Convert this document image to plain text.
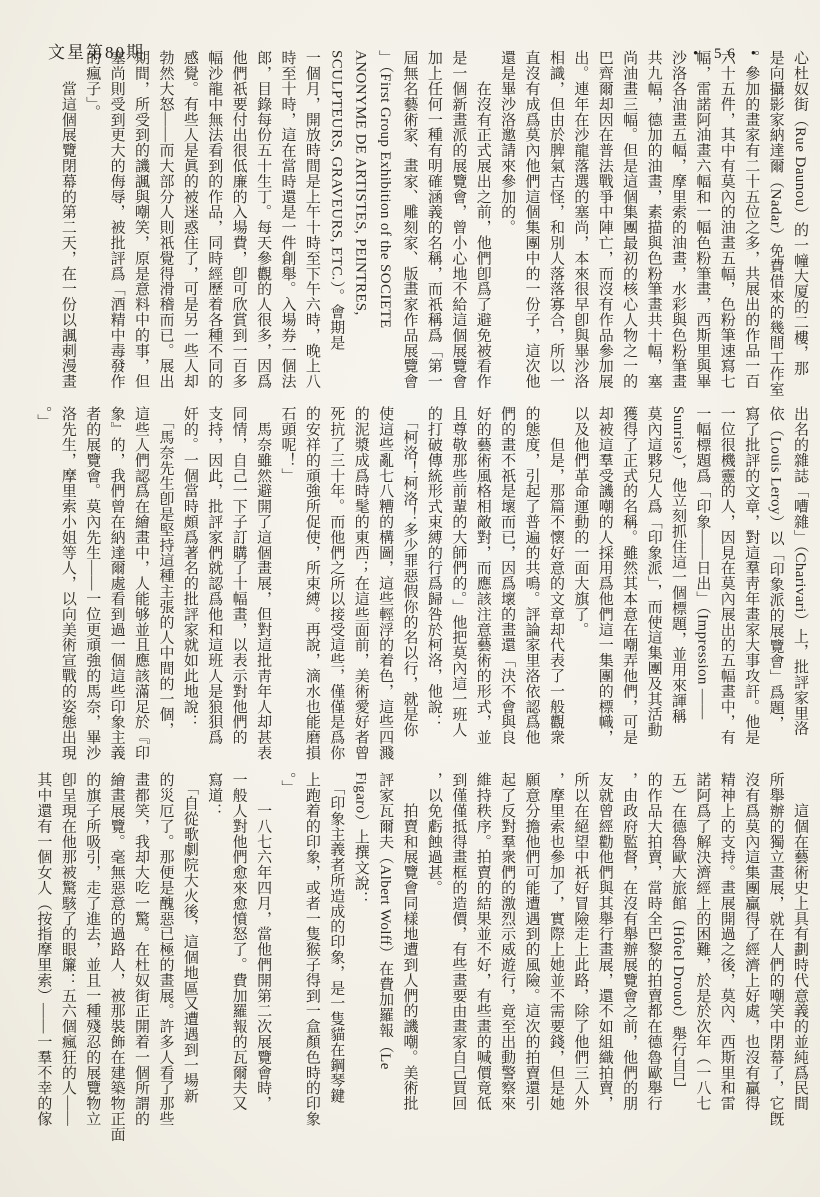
文星第80期	• 56 • 心杜奴街（Rue Daunou）的一幢大厦的二樓，那
是向攝影家納達爾（Nadar）免費借來的幾間工作室
。參加的畫家有二十五位之多，共展出的作品一百
六十五件，其中有莫內的油畫五幅，色粉筆速寫七
幅，雷諾阿油畫六幅和一幅色粉筆畫，西斯里與畢
沙洛各油畫五幅，摩里索的油畫，水彩與色粉筆畫
共九幅，德加的油畫，素描與色粉筆畫共十幅，塞
尚油畫三幅。但是這個集團最初的核心人物之一的
巴齊爾却因在普法戰爭中陣亡，而沒有作品參加展
出。連年在沙龍落選的塞尚，本來很早卽與畢沙洛
相識，但由於脾氣古怪，和別人落落寡合，所以一
直沒有成爲莫內他們這個集團中的一份子，這次他
還是畢沙洛邀請來參加的。
　　在沒有正式展出之前，他們卽爲了避免被看作
是一個新畫派的展覽會，曾小心地不給這個展覽會
加上任何一種有明確涵義的名稱，而祇稱爲「第一
屆無名藝術家、畫家、雕刻家、版畫家作品展覽會
」（First Group Exhibition of the SOCIETE
ANONYME DE ARTISTES, PEINTRES,
SCULPTEURS, GRAVEURS, ETC.）。會期是
一個月，開放時間是上午十時至下午六時，晚上八
時至十時，這在當時還是一件創舉。入場券一個法
郎，目錄每份五十生丁。每天參觀的人很多，因爲
他們祇要付出很低廉的入場費，卽可欣賞到一百多
幅沙龍中無法看到的作品，同時經歷着各種不同的
感覺。有些人是眞的被迷惑住了，可是另一些人却
勃然大怒——而大部分人則祇覺得滑稽而已。展出
期間，所受到的譏諷與嘲笑，原是意料中的事，但
塞尚則受到更大的侮辱，被批評爲「酒精中毒發作
的瘋子」。
　　當這個展覽閉幕的第二天，在一份以諷刺漫畫
出名的雜誌「嘈雜」（Charivari）上，批評家里洛
依（Louis Leroy）以「印象派的展覽會」爲題，
寫了批評的文章，對這羣靑年畫家大事攻訐。他是
一位很機靈的人，因見在莫內展出的五幅畫中，有
一幅標題爲「印象——日出」（Impression ——
Sunrise），他立刻抓住這一個標題，並用來諢稱
莫內這夥兒人爲「印象派」，而使這集團及其活動
獲得了正式的名稱。雖然其本意在嘲弄他們，可是
却被這羣受譏嘲的人採用爲他們這一集團的標幟，
以及他們革命運動的一面大旗了。
　　但是，那篇不懷好意的文章却代表了一般觀衆
的態度，引起了普遍的共鳴。評論家里洛依認爲他
們的畫不祇是壞而已，因爲壞的畫還「決不會與良
好的藝術風格相敵對，而應該注意藝術的形式，並
且尊敬那些前輩的大師們的。」他把莫內這一班人
的打破傳統形式束縛的行爲歸咎於柯洛，他說：
　「柯洛！柯洛！多少罪惡假你的名以行，就是你
使這些亂七八糟的構圖，這些輕浮的着色，這些四濺
的泥漿成爲時髦的東西；在這些面前，美術愛好者曾
死抗了三十年。而他們之所以接受這些，僅僅是爲你
的安祥的頑強所促使，所束縛。再說，滴水也能磨損
石頭呢！」
　馬奈雖然避開了這個畫展，但對這批靑年人却甚表
同情，自己一下子訂購了十幅畫，以表示對他們的
支持，因此，批評家們就認爲他和這班人是狼狽爲
奸的。一個當時頗爲著名的批評家就如此地說：
　「馬奈先生卽是堅持這種主張的人中間的一個，
這些人們認爲在繪畫中，人能够並且應該滿足於『印
象』的，我們曾在納達爾處看到過一個這些印象主義
者的展覽會。莫內先生——一位更頑強的馬奈，畢沙
洛先生，摩里索小姐等人，以向美術宣戰的姿態出現
。」
　　這個在藝術史上具有劃時代意義的並純爲民間
所舉辦的獨立畫展，就在人們的嘲笑中閉幕了，它旣
沒有爲莫內這集團贏得了經濟上好處，也沒有贏得
精神上的支持。畫展開過之後，莫內、西斯里和雷
諾阿爲了解決濟經上的困難，於是於次年（一八七
五）在德魯歐大旅館（Hôtel Drouot）舉行自己
的作品大拍賣，當時全巴黎的拍賣都在德魯歐舉行
，由政府監督，在沒有舉辦展覽會之前，他們的朋
友就曾經勸他們與其舉行畫展，還不如組織拍賣，
所以在絕望中祇好冒險走上此路，除了他們三人外
，摩里索也參加了，實際上她並不需要錢，但是她
願意分擔他們可能遭遇到的風險。這次的拍賣還引
起了反對羣衆們的激烈示威遊行，竟至出動警察來
維持秩序。拍賣的結果並不好，有些畫的喊價竟低
到僅僅抵得畫框的造價，有些畫要由畫家自己買回
，以免虧蝕過甚。
　　拍賣和展覽會同樣地遭到人們的譏嘲。美術批
評家瓦爾夫（Albert Wolff）在費加羅報（Le
Figaro）上撰文說：
　「印象主義者所造成的印象，是一隻貓在鋼琴鍵
上跑着的印象，或者一隻猴子得到一盒顏色時的印象
。」
　　一八七六年四月，當他們開第二次展覽會時，
一般人對他們愈來愈憤怒了。費加羅報的瓦爾夫又
寫道：
　「自從歌劇院大火後，這個地區又遭遇到一場新
的災厄了。那便是醜惡已極的畫展。許多人看了那些
畫都笑，我却大吃一驚。在杜奴街正開着一個所謂的
繪畫展覽。毫無惡意的過路人，被那裝飾在建築物正面
的旗子所吸引，走了進去，並且一種殘忍的展覽物立
卽呈現在他那被驚駭了的眼簾：五六個瘋狂的人——
其中還有一個女人（按指摩里索）——一羣不幸的傢
